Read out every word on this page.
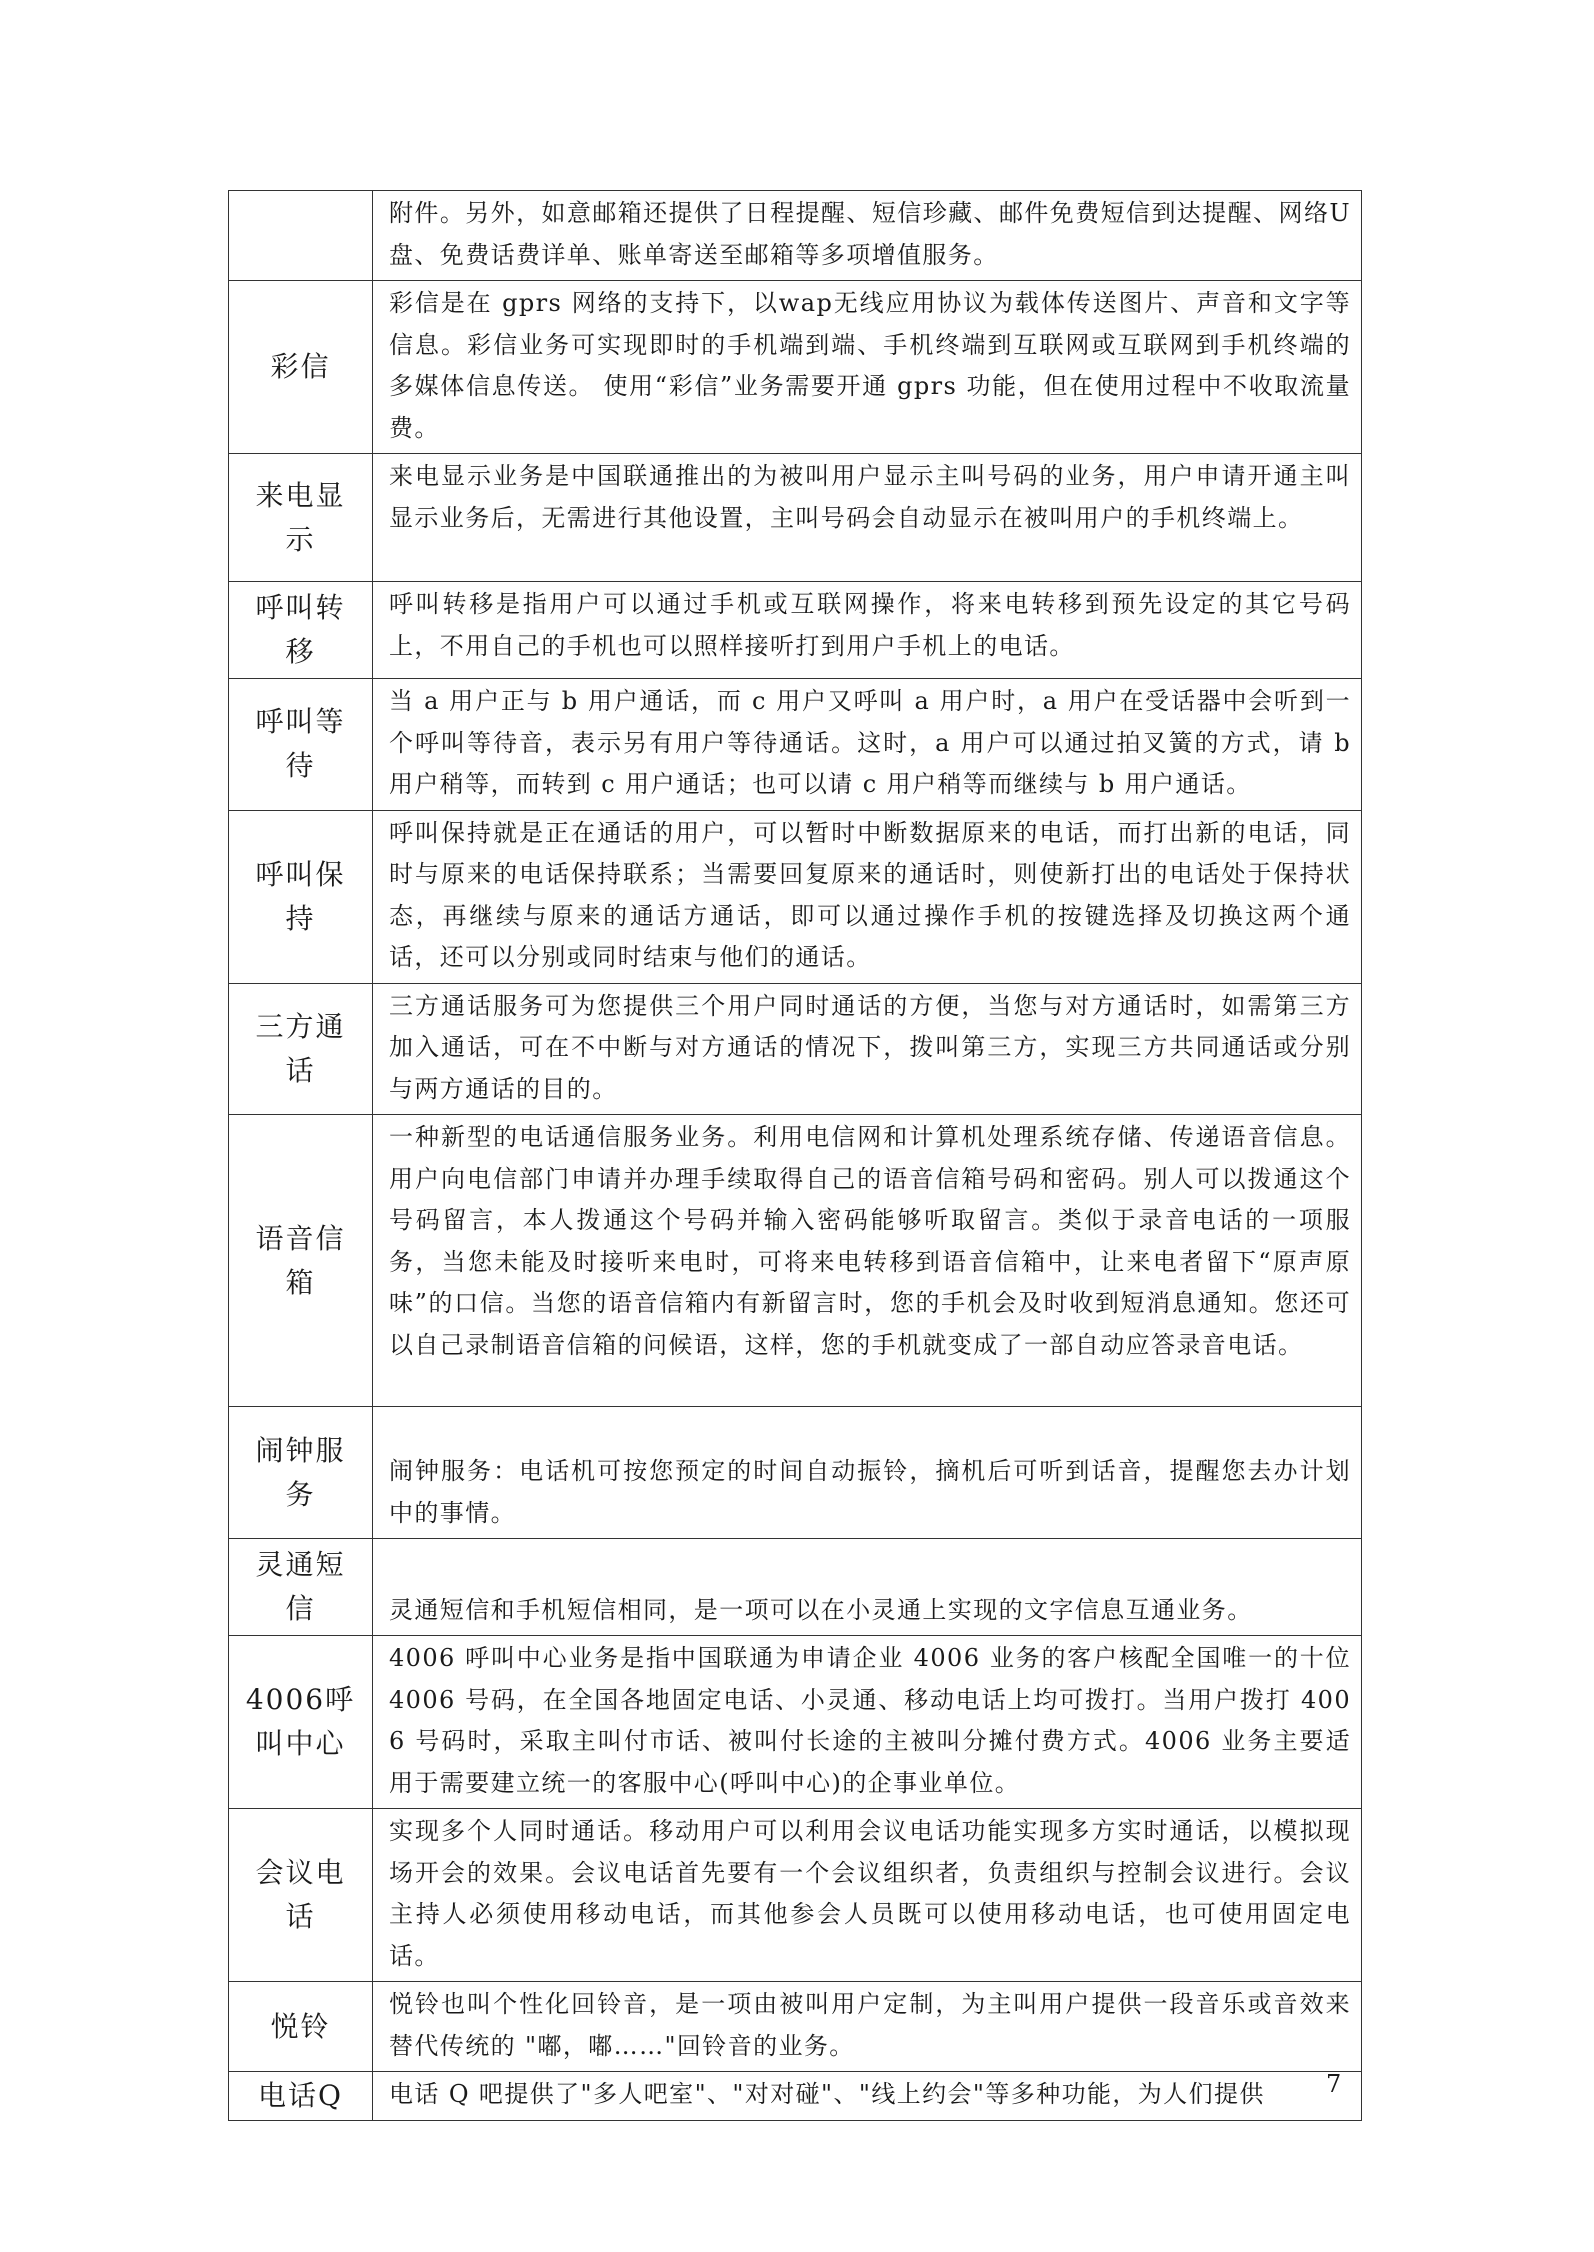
	附件。另外，如意邮箱还提供了日程提醒、短信珍藏、邮件免费短信到达提醒、网络U盘、免费话费详单、账单寄送至邮箱等多项增值服务。
彩信	彩信是在 gprs 网络的支持下，以wap无线应用协议为载体传送图片、声音和文字等信息。彩信业务可实现即时的手机端到端、手机终端到互联网或互联网到手机终端的多媒体信息传送。 使用“彩信”业务需要开通 gprs 功能，但在使用过程中不收取流量费。
来电显示	来电显示业务是中国联通推出的为被叫用户显示主叫号码的业务，用户申请开通主叫显示业务后，无需进行其他设置，主叫号码会自动显示在被叫用户的手机终端上。
呼叫转移	呼叫转移是指用户可以通过手机或互联网操作，将来电转移到预先设定的其它号码上，不用自己的手机也可以照样接听打到用户手机上的电话。
呼叫等待	当 a 用户正与 b 用户通话，而 c 用户又呼叫 a 用户时，a 用户在受话器中会听到一个呼叫等待音，表示另有用户等待通话。这时，a 用户可以通过拍叉簧的方式，请 b 用户稍等，而转到 c 用户通话；也可以请 c 用户稍等而继续与 b 用户通话。
呼叫保持	呼叫保持就是正在通话的用户，可以暂时中断数据原来的电话，而打出新的电话，同时与原来的电话保持联系；当需要回复原来的通话时，则使新打出的电话处于保持状态，再继续与原来的通话方通话，即可以通过操作手机的按键选择及切换这两个通话，还可以分别或同时结束与他们的通话。
三方通话	三方通话服务可为您提供三个用户同时通话的方便，当您与对方通话时，如需第三方加入通话，可在不中断与对方通话的情况下，拨叫第三方，实现三方共同通话或分别与两方通话的目的。
语音信箱	一种新型的电话通信服务业务。利用电信网和计算机处理系统存储、传递语音信息。用户向电信部门申请并办理手续取得自己的语音信箱号码和密码。别人可以拨通这个号码留言，本人拨通这个号码并输入密码能够听取留言。类似于录音电话的一项服务，当您未能及时接听来电时，可将来电转移到语音信箱中，让来电者留下“原声原味”的口信。当您的语音信箱内有新留言时，您的手机会及时收到短消息通知。您还可以自己录制语音信箱的问候语，这样，您的手机就变成了一部自动应答录音电话。
闹钟服务	闹钟服务：电话机可按您预定的时间自动振铃，摘机后可听到话音，提醒您去办计划中的事情。
灵通短信	灵通短信和手机短信相同，是一项可以在小灵通上实现的文字信息互通业务。
4006呼叫中心	4006 呼叫中心业务是指中国联通为申请企业 4006 业务的客户核配全国唯一的十位 4006 号码，在全国各地固定电话、小灵通、移动电话上均可拨打。当用户拨打 4006 号码时，采取主叫付市话、被叫付长途的主被叫分摊付费方式。4006 业务主要适用于需要建立统一的客服中心(呼叫中心)的企事业单位。
会议电话	实现多个人同时通话。移动用户可以利用会议电话功能实现多方实时通话，以模拟现场开会的效果。会议电话首先要有一个会议组织者，负责组织与控制会议进行。会议主持人必须使用移动电话，而其他参会人员既可以使用移动电话，也可使用固定电话。
悦铃	悦铃也叫个性化回铃音，是一项由被叫用户定制，为主叫用户提供一段音乐或音效来替代传统的 "嘟，嘟……"回铃音的业务。
电话Q	电话 Q 吧提供了"多人吧室"、"对对碰"、"线上约会"等多种功能，为人们提供	7
